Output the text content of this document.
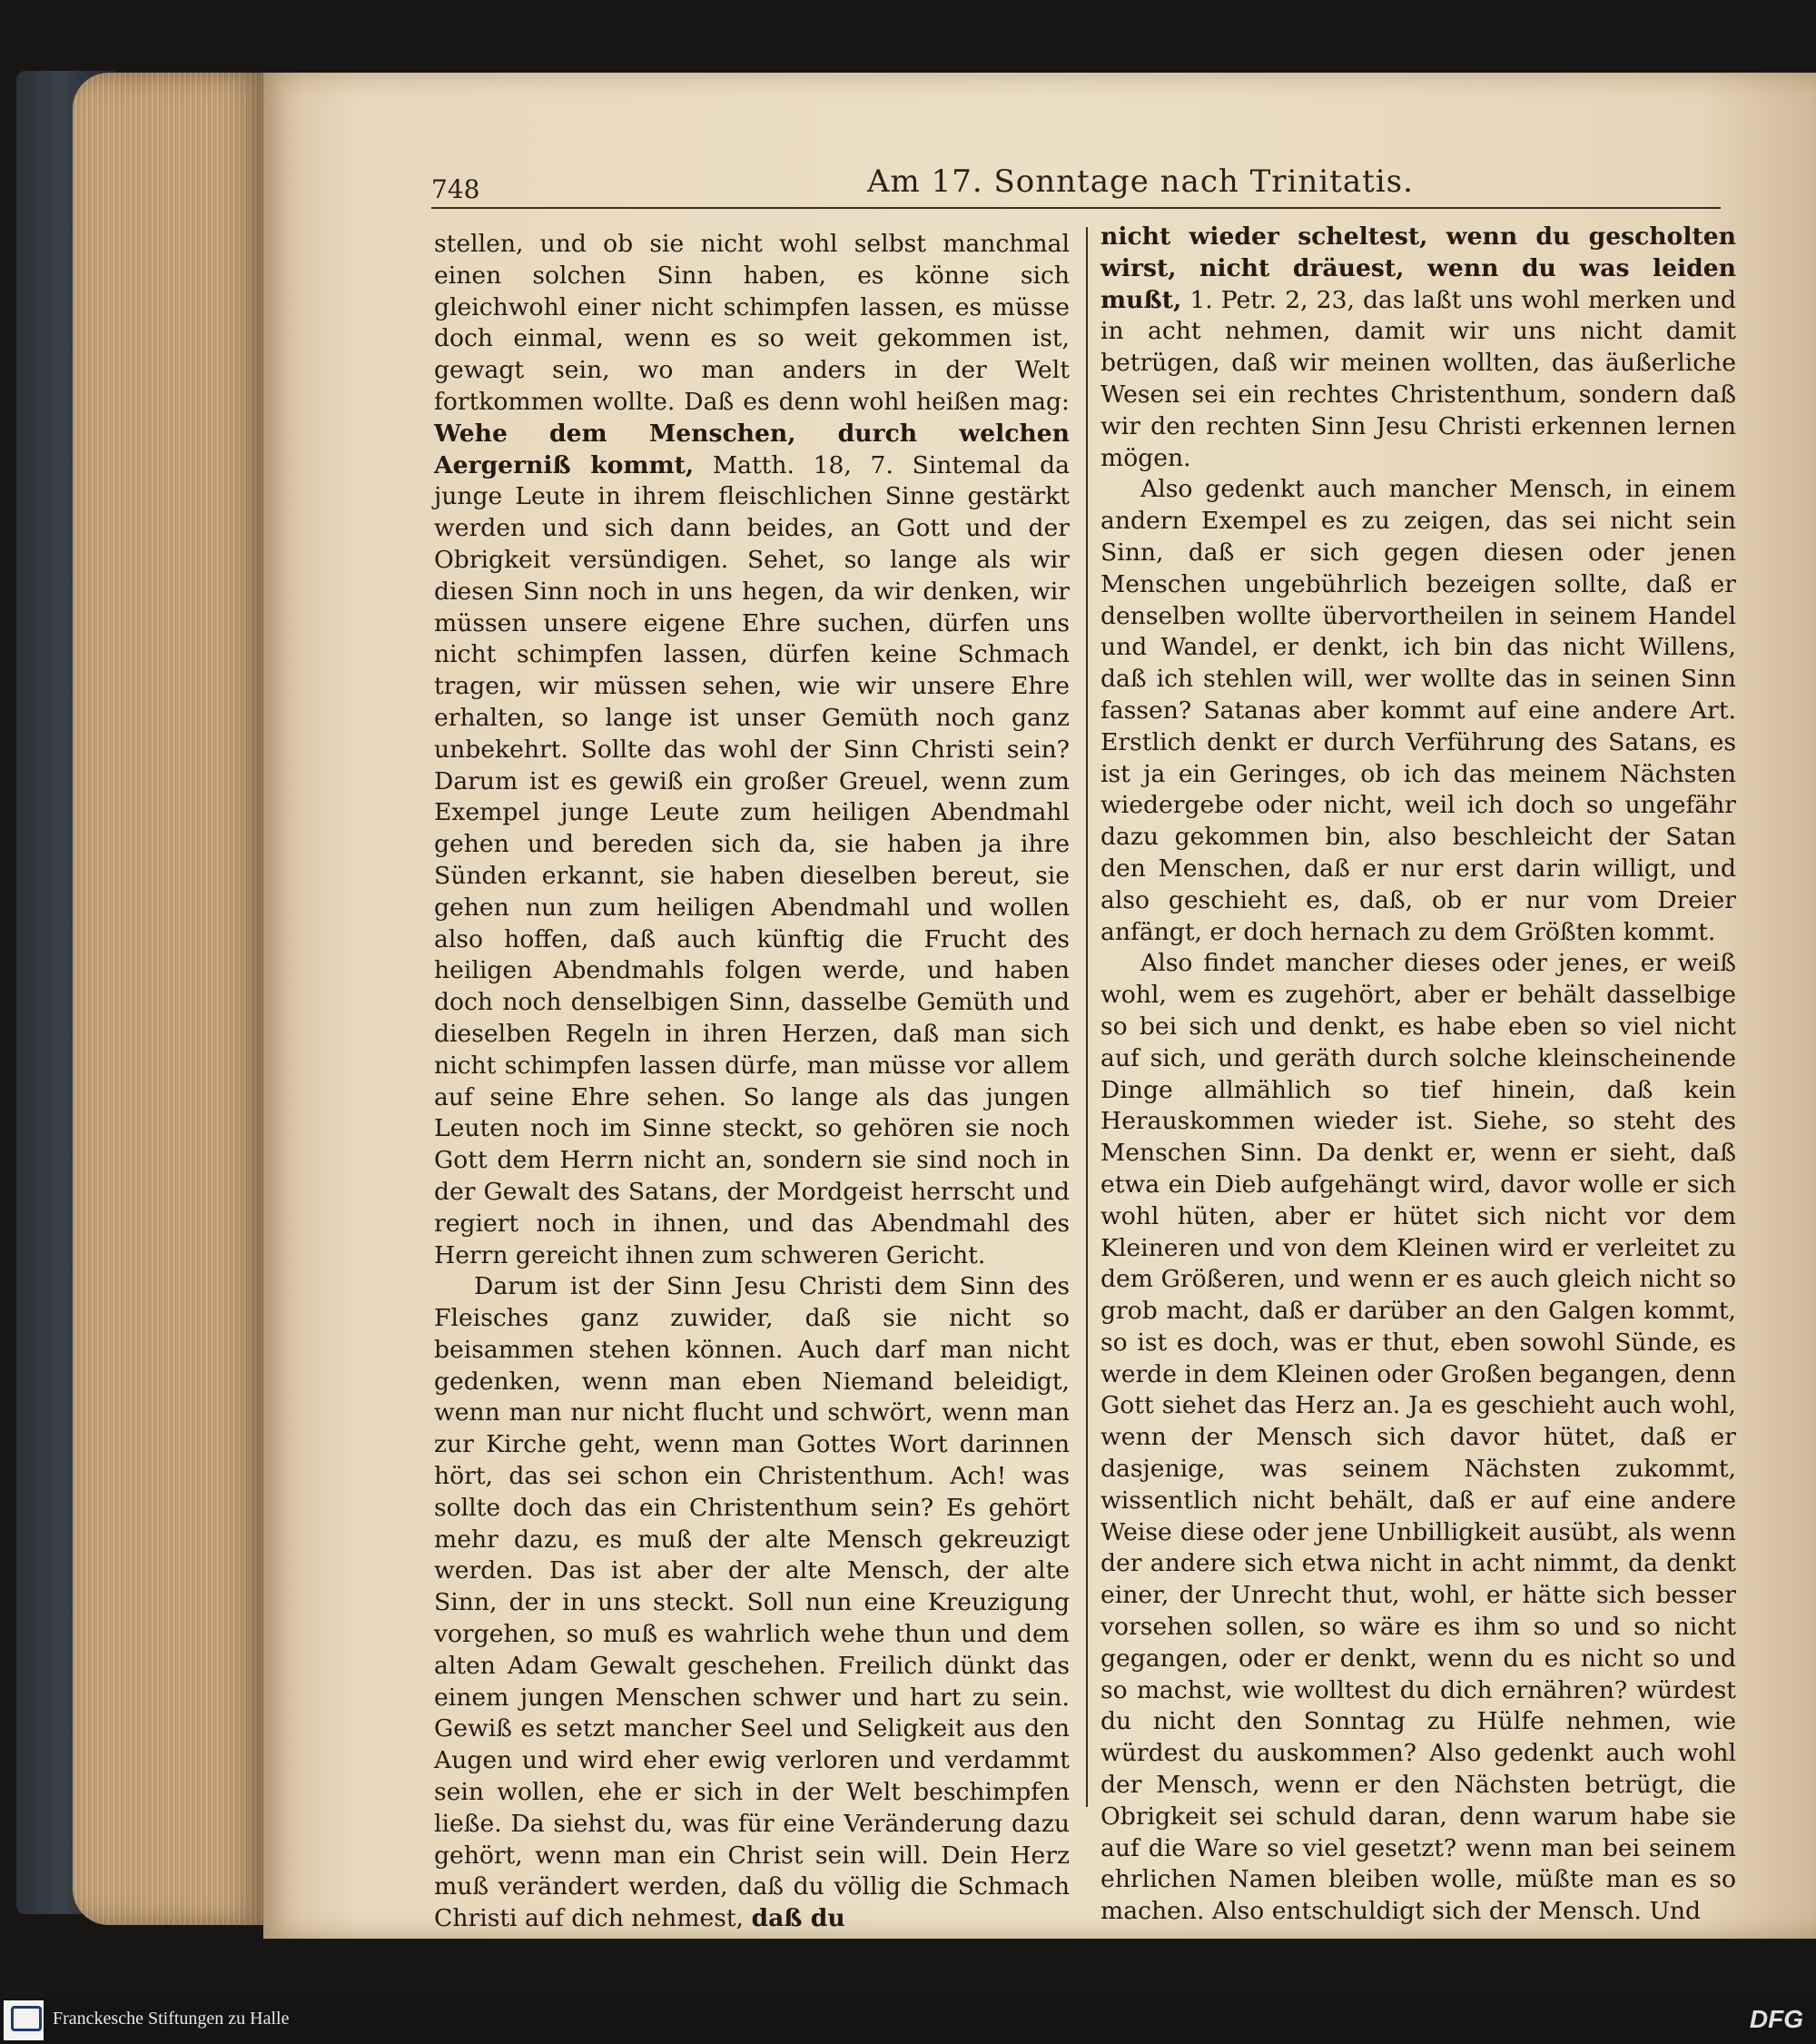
748	Am 17. Sonntage nach Trinitatis.

stellen, und ob sie nicht wohl selbst manchmal einen solchen Sinn haben, es könne sich gleichwohl einer nicht schimpfen lassen, es müsse doch einmal, wenn es so weit gekommen ist, gewagt sein, wo man anders in der Welt fortkommen wollte. Daß es denn wohl heißen mag: Wehe dem Menschen, durch welchen Aergerniß kommt, Matth. 18, 7. Sintemal da junge Leute in ihrem fleischlichen Sinne gestärkt werden und sich dann beides, an Gott und der Obrigkeit versündigen. Sehet, so lange als wir diesen Sinn noch in uns hegen, da wir denken, wir müssen unsere eigene Ehre suchen, dürfen uns nicht schimpfen lassen, dürfen keine Schmach tragen, wir müssen sehen, wie wir unsere Ehre erhalten, so lange ist unser Gemüth noch ganz unbekehrt. Sollte das wohl der Sinn Christi sein? Darum ist es gewiß ein großer Greuel, wenn zum Exempel junge Leute zum heiligen Abendmahl gehen und bereden sich da, sie haben ja ihre Sünden erkannt, sie haben dieselben bereut, sie gehen nun zum heiligen Abendmahl und wollen also hoffen, daß auch künftig die Frucht des heiligen Abendmahls folgen werde, und haben doch noch denselbigen Sinn, dasselbe Gemüth und dieselben Regeln in ihren Herzen, daß man sich nicht schimpfen lassen dürfe, man müsse vor allem auf seine Ehre sehen. So lange als das jungen Leuten noch im Sinne steckt, so gehören sie noch Gott dem Herrn nicht an, sondern sie sind noch in der Gewalt des Satans, der Mordgeist herrscht und regiert noch in ihnen, und das Abendmahl des Herrn gereicht ihnen zum schweren Gericht.

Darum ist der Sinn Jesu Christi dem Sinn des Fleisches ganz zuwider, daß sie nicht so beisammen stehen können. Auch darf man nicht gedenken, wenn man eben Niemand beleidigt, wenn man nur nicht flucht und schwört, wenn man zur Kirche geht, wenn man Gottes Wort darinnen hört, das sei schon ein Christenthum. Ach! was sollte doch das ein Christenthum sein? Es gehört mehr dazu, es muß der alte Mensch gekreuzigt werden. Das ist aber der alte Mensch, der alte Sinn, der in uns steckt. Soll nun eine Kreuzigung vorgehen, so muß es wahrlich wehe thun und dem alten Adam Gewalt geschehen. Freilich dünkt das einem jungen Menschen schwer und hart zu sein. Gewiß es setzt mancher Seel und Seligkeit aus den Augen und wird eher ewig verloren und verdammt sein wollen, ehe er sich in der Welt beschimpfen ließe. Da siehst du, was für eine Veränderung dazu gehört, wenn man ein Christ sein will. Dein Herz muß verändert werden, daß du völlig die Schmach Christi auf dich nehmest, daß du

nicht wieder scheltest, wenn du gescholten wirst, nicht dräuest, wenn du was leiden mußt, 1. Petr. 2, 23, das laßt uns wohl merken und in acht nehmen, damit wir uns nicht damit betrügen, daß wir meinen wollten, das äußerliche Wesen sei ein rechtes Christenthum, sondern daß wir den rechten Sinn Jesu Christi erkennen lernen mögen.

Also gedenkt auch mancher Mensch, in einem andern Exempel es zu zeigen, das sei nicht sein Sinn, daß er sich gegen diesen oder jenen Menschen ungebührlich bezeigen sollte, daß er denselben wollte übervortheilen in seinem Handel und Wandel, er denkt, ich bin das nicht Willens, daß ich stehlen will, wer wollte das in seinen Sinn fassen? Satanas aber kommt auf eine andere Art. Erstlich denkt er durch Verführung des Satans, es ist ja ein Geringes, ob ich das meinem Nächsten wiedergebe oder nicht, weil ich doch so ungefähr dazu gekommen bin, also beschleicht der Satan den Menschen, daß er nur erst darin willigt, und also geschieht es, daß, ob er nur vom Dreier anfängt, er doch hernach zu dem Größten kommt.

Also findet mancher dieses oder jenes, er weiß wohl, wem es zugehört, aber er behält dasselbige so bei sich und denkt, es habe eben so viel nicht auf sich, und geräth durch solche kleinscheinende Dinge allmählich so tief hinein, daß kein Herauskommen wieder ist. Siehe, so steht des Menschen Sinn. Da denkt er, wenn er sieht, daß etwa ein Dieb aufgehängt wird, davor wolle er sich wohl hüten, aber er hütet sich nicht vor dem Kleineren und von dem Kleinen wird er verleitet zu dem Größeren, und wenn er es auch gleich nicht so grob macht, daß er darüber an den Galgen kommt, so ist es doch, was er thut, eben sowohl Sünde, es werde in dem Kleinen oder Großen begangen, denn Gott siehet das Herz an. Ja es geschieht auch wohl, wenn der Mensch sich davor hütet, daß er dasjenige, was seinem Nächsten zukommt, wissentlich nicht behält, daß er auf eine andere Weise diese oder jene Unbilligkeit ausübt, als wenn der andere sich etwa nicht in acht nimmt, da denkt einer, der Unrecht thut, wohl, er hätte sich besser vorsehen sollen, so wäre es ihm so und so nicht gegangen, oder er denkt, wenn du es nicht so und so machst, wie wolltest du dich ernähren? würdest du nicht den Sonntag zu Hülfe nehmen, wie würdest du auskommen? Also gedenkt auch wohl der Mensch, wenn er den Nächsten betrügt, die Obrigkeit sei schuld daran, denn warum habe sie auf die Ware so viel gesetzt? wenn man bei seinem ehrlichen Namen bleiben wolle, müßte man es so machen. Also entschuldigt sich der Mensch. Und

Franckesche Stiftungen zu Halle	DFG
